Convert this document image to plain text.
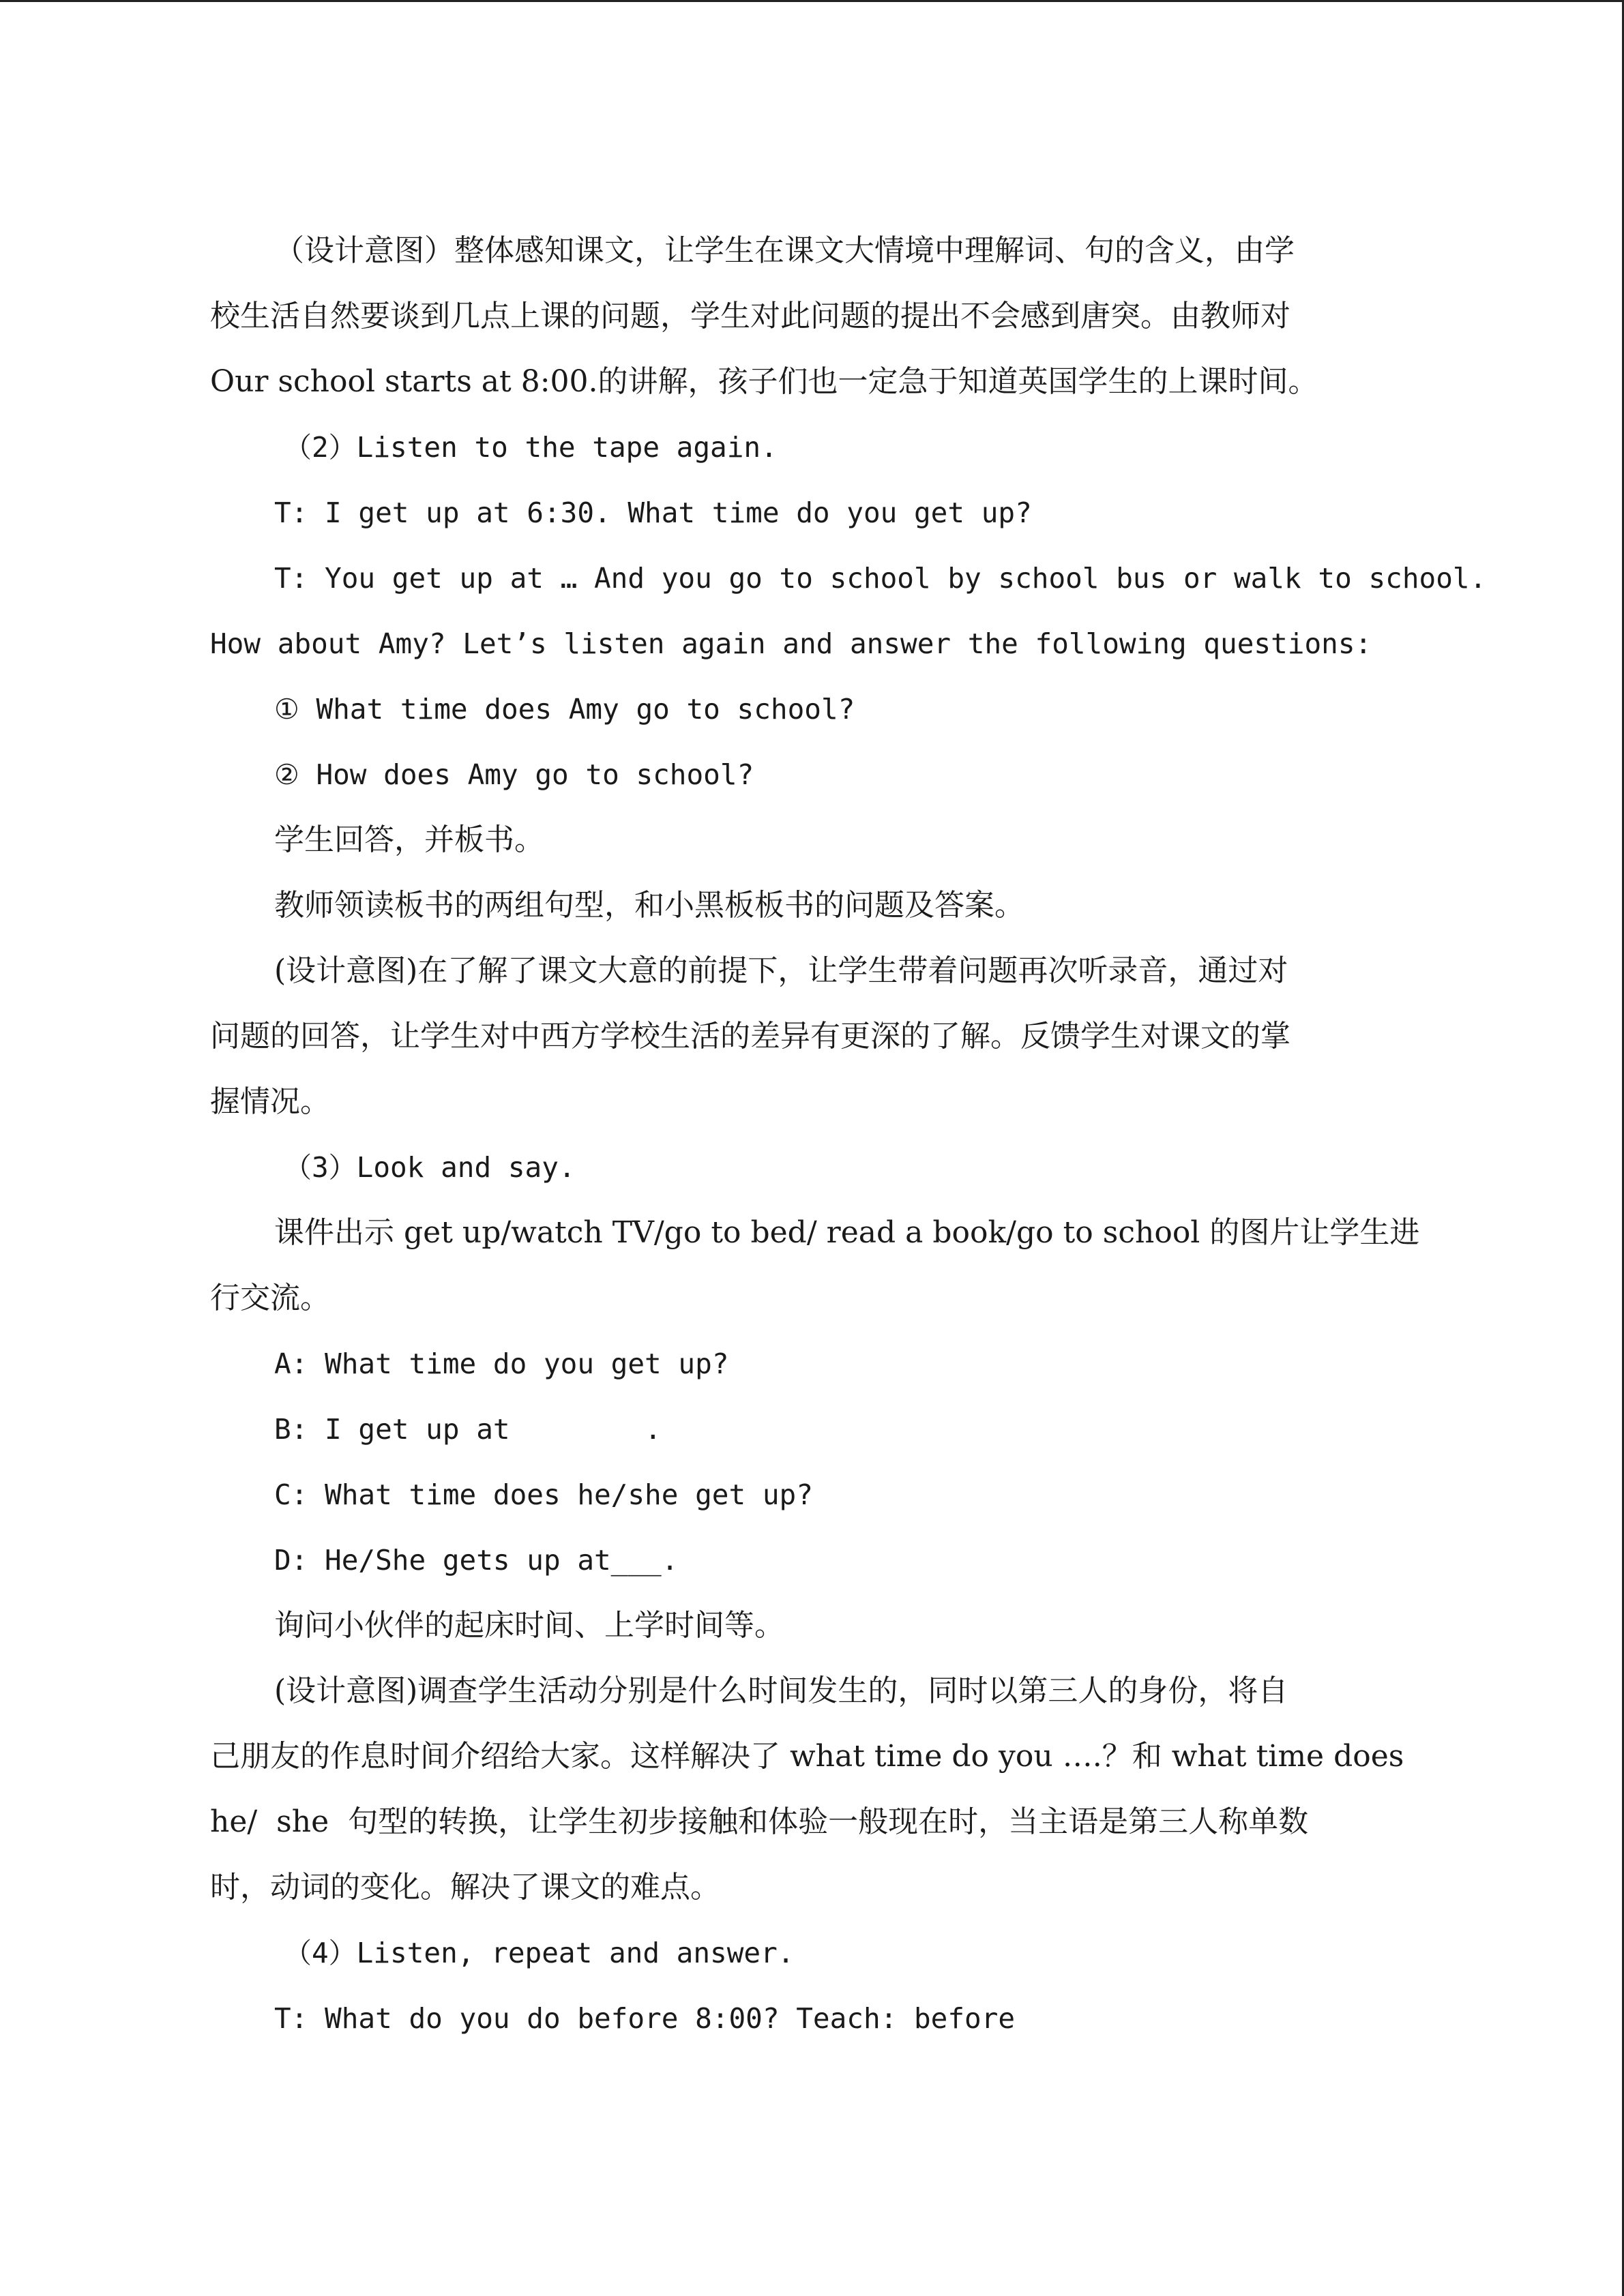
（设计意图）整体感知课文，让学生在课文大情境中理解词、句的含义，由学
校生活自然要谈到几点上课的问题，学生对此问题的提出不会感到唐突。由教师对
Our school starts at 8:00.的讲解，孩子们也一定急于知道英国学生的上课时间。
（2）Listen to the tape again.
T: I get up at 6:30. What time do you get up?
T: You get up at … And you go to school by school bus or walk to school.
How about Amy? Let’s listen again and answer the following questions:
① What time does Amy go to school?
② How does Amy go to school?
学生回答，并板书。
教师领读板书的两组句型，和小黑板板书的问题及答案。
(设计意图)在了解了课文大意的前提下，让学生带着问题再次听录音，通过对
问题的回答，让学生对中西方学校生活的差异有更深的了解。反馈学生对课文的掌
握情况。
（3）Look and say.
课件出示 get up/watch TV/go to bed/ read a book/go to school 的图片让学生进
行交流。
A: What time do you get up?
B: I get up at        .
C: What time does he/she get up?
D: He/She gets up at___.
询问小伙伴的起床时间、上学时间等。
(设计意图)调查学生活动分别是什么时间发生的，同时以第三人的身份，将自
己朋友的作息时间介绍给大家。这样解决了 what time do you ….？和 what time does
he/  she  句型的转换，让学生初步接触和体验一般现在时，当主语是第三人称单数
时，动词的变化。解决了课文的难点。
（4）Listen, repeat and answer.
T: What do you do before 8:00? Teach: before
